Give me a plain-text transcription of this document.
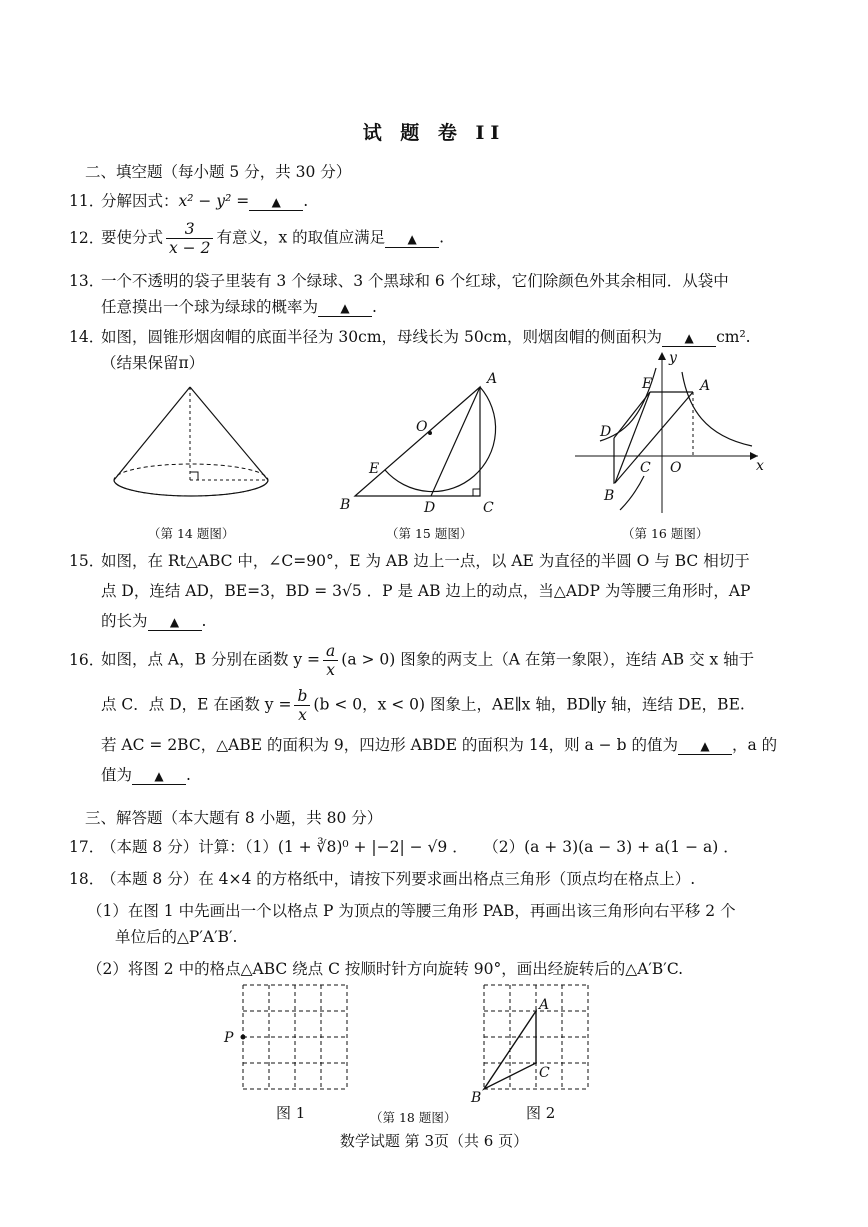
试 题 卷 II
二、填空题（每小题 5 分，共 30 分）
11．分解因式：x² − y² = ▲ .
12．要使分式 $\frac{3}{x - 2}$ 有意义，x 的取值应满足 ▲ .
13．一个不透明的袋子里装有 3 个绿球、3 个黑球和 6 个红球，它们除颜色外其余相同．从袋中
任意摸出一个球为绿球的概率为 ▲ .
14．如图，圆锥形烟囱帽的底面半径为 30cm，母线长为 50cm，则烟囱帽的侧面积为 ▲ cm².
（结果保留π）
（第 14 题图）
A
O
E
B	D	C
（第 15 题图）
y
E	A
D
C O	x
B
（第 16 题图）
15．如图，在 Rt△ABC 中，∠C=90°，E 为 AB 边上一点，以 AE 为直径的半圆 O 与 BC 相切于
点 D，连结 AD，BE=3，BD = 3√5 ．P 是 AB 边上的动点，当△ADP 为等腰三角形时，AP
的长为 ▲ .
16．如图，点 A，B 分别在函数 $y = \frac{a}{x} (a > 0)$ 图象的两支上（A 在第一象限），连结 AB 交 x 轴于
点 C．点 D，E 在函数 $y = \frac{b}{x} (b < 0$，x < 0) 图象上，AE∥x 轴，BD∥y 轴，连结 DE，BE.
若 AC = 2BC，△ABE 的面积为 9，四边形 ABDE 的面积为 14，则 a − b 的值为 ▲ ，a 的
值为 ▲ .
三、解答题（本大题有 8 小题，共 80 分）
17．（本题 8 分）计算：（1）(1 + ∛8)⁰ + |−2| − √9 ．　　（2）(a + 3)(a − 3) + a(1 − a) ．
18．（本题 8 分）在 4×4 的方格纸中，请按下列要求画出格点三角形（顶点均在格点上）.
（1）在图 1 中先画出一个以格点 P 为顶点的等腰三角形 PAB，再画出该三角形向右平移 2 个
单位后的△P′A′B′.
（2）将图 2 中的格点△ABC 绕点 C 按顺时针方向旋转 90°，画出经旋转后的△A′B′C.
P
图 1	（第 18 题图）
A
B
C
图 2
数学试题 第 3页（共 6 页）
